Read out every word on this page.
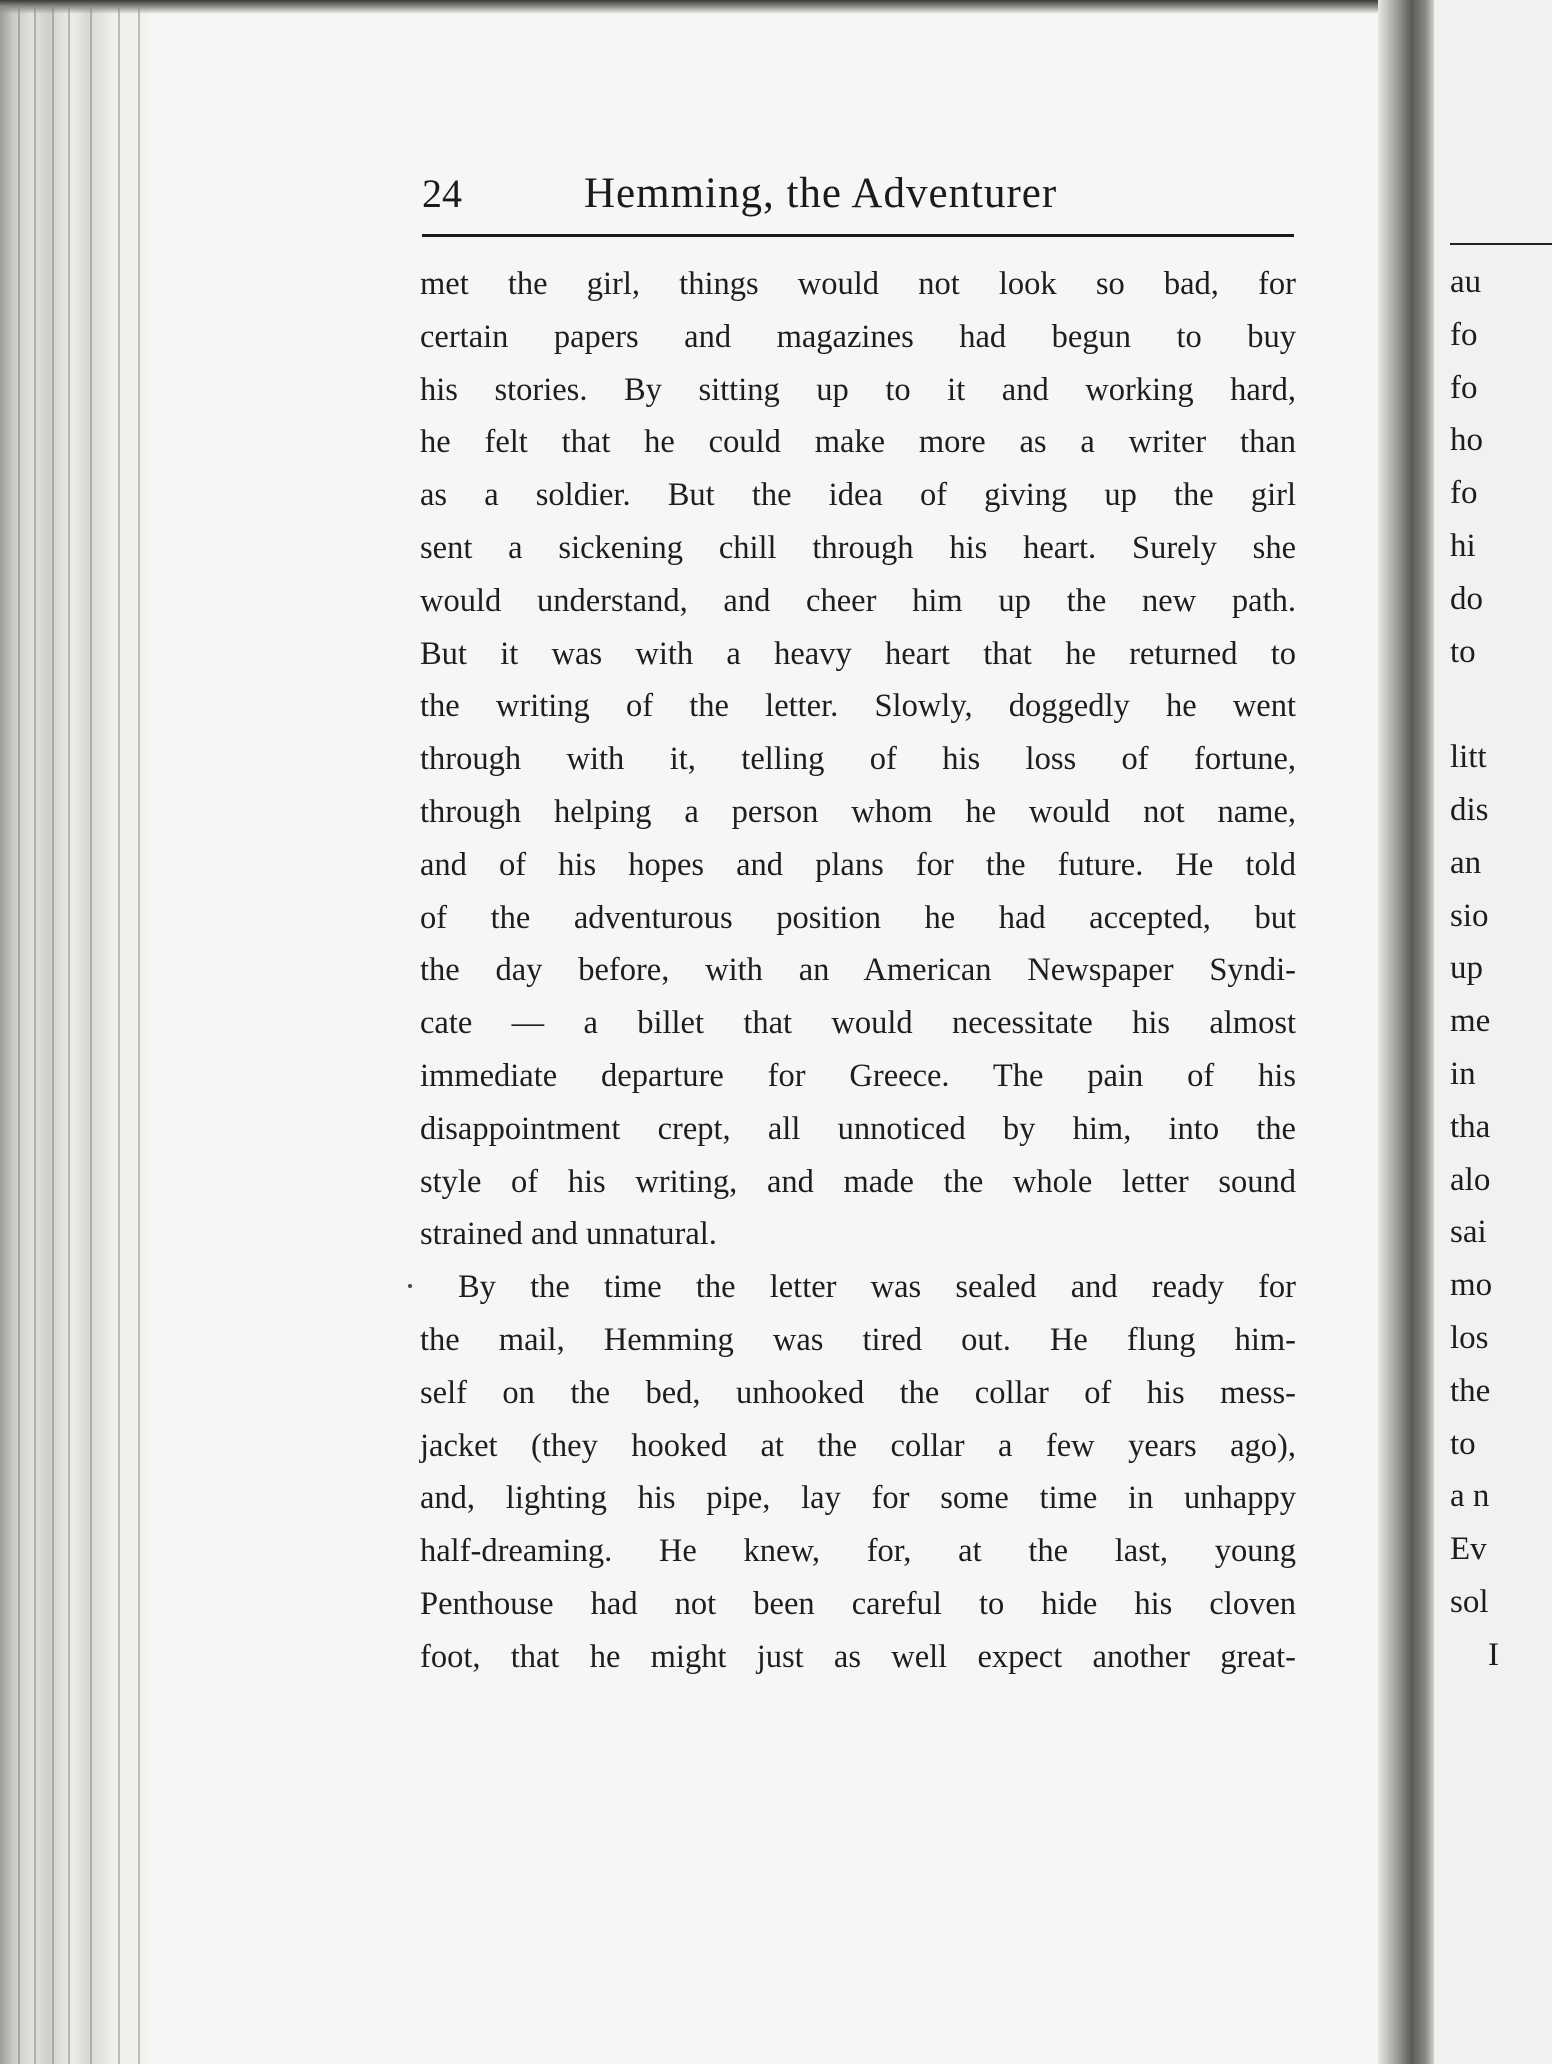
au
fo
fo
ho
fo
hi
do
to
litt
dis
an
sio
up
me
in
tha
alo
sai
mo
los
the
to
a n
Ev
sol
I
24	Hemming, the Adventurer
met the girl, things would not look so bad, for
certain papers and magazines had begun to buy
his stories. By sitting up to it and working hard,
he felt that he could make more as a writer than
as a soldier. But the idea of giving up the girl
sent a sickening chill through his heart. Surely she
would understand, and cheer him up the new path.
But it was with a heavy heart that he returned to
the writing of the letter. Slowly, doggedly he went
through with it, telling of his loss of fortune,
through helping a person whom he would not name,
and of his hopes and plans for the future. He told
of the adventurous position he had accepted, but
the day before, with an American Newspaper Syndi-
cate — a billet that would necessitate his almost
immediate departure for Greece. The pain of his
disappointment crept, all unnoticed by him, into the
style of his writing, and made the whole letter sound
strained and unnatural.
By the time the letter was sealed and ready for
the mail, Hemming was tired out. He flung him-
self on the bed, unhooked the collar of his mess-
jacket (they hooked at the collar a few years ago),
and, lighting his pipe, lay for some time in unhappy
half-dreaming. He knew, for, at the last, young
Penthouse had not been careful to hide his cloven
foot, that he might just as well expect another great-
